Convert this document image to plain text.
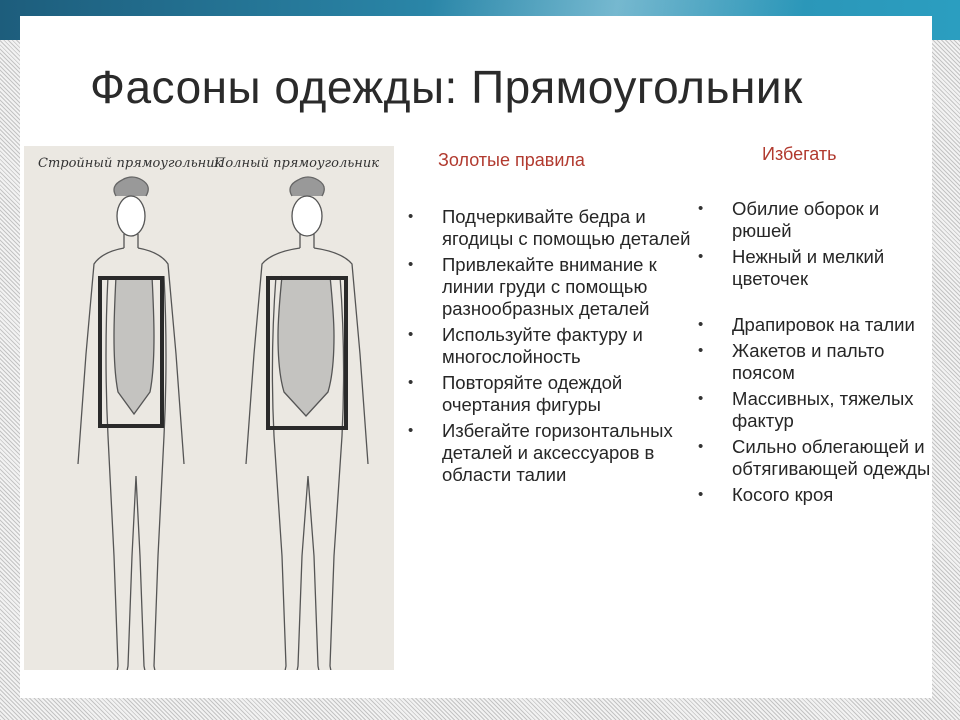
Фасоны одежды: Прямоугольник
Стройный прямоугольник
Полный прямоугольник	Золотые правила	Избегать
• Подчеркивайте бедра и ягодицы с помощью деталей
• Привлекайте внимание к линии груди с помощью разнообразных деталей
• Используйте фактуру и многослойность
• Повторяйте одеждой очертания фигуры
• Избегайте горизонтальных деталей и аксессуаров в области талии
• Обилие оборок и рюшей
• Нежный и мелкий цветочек
• Драпировок на талии
• Жакетов и пальто поясом
• Массивных, тяжелых фактур
• Сильно облегающей и обтягивающей одежды
• Косого кроя
